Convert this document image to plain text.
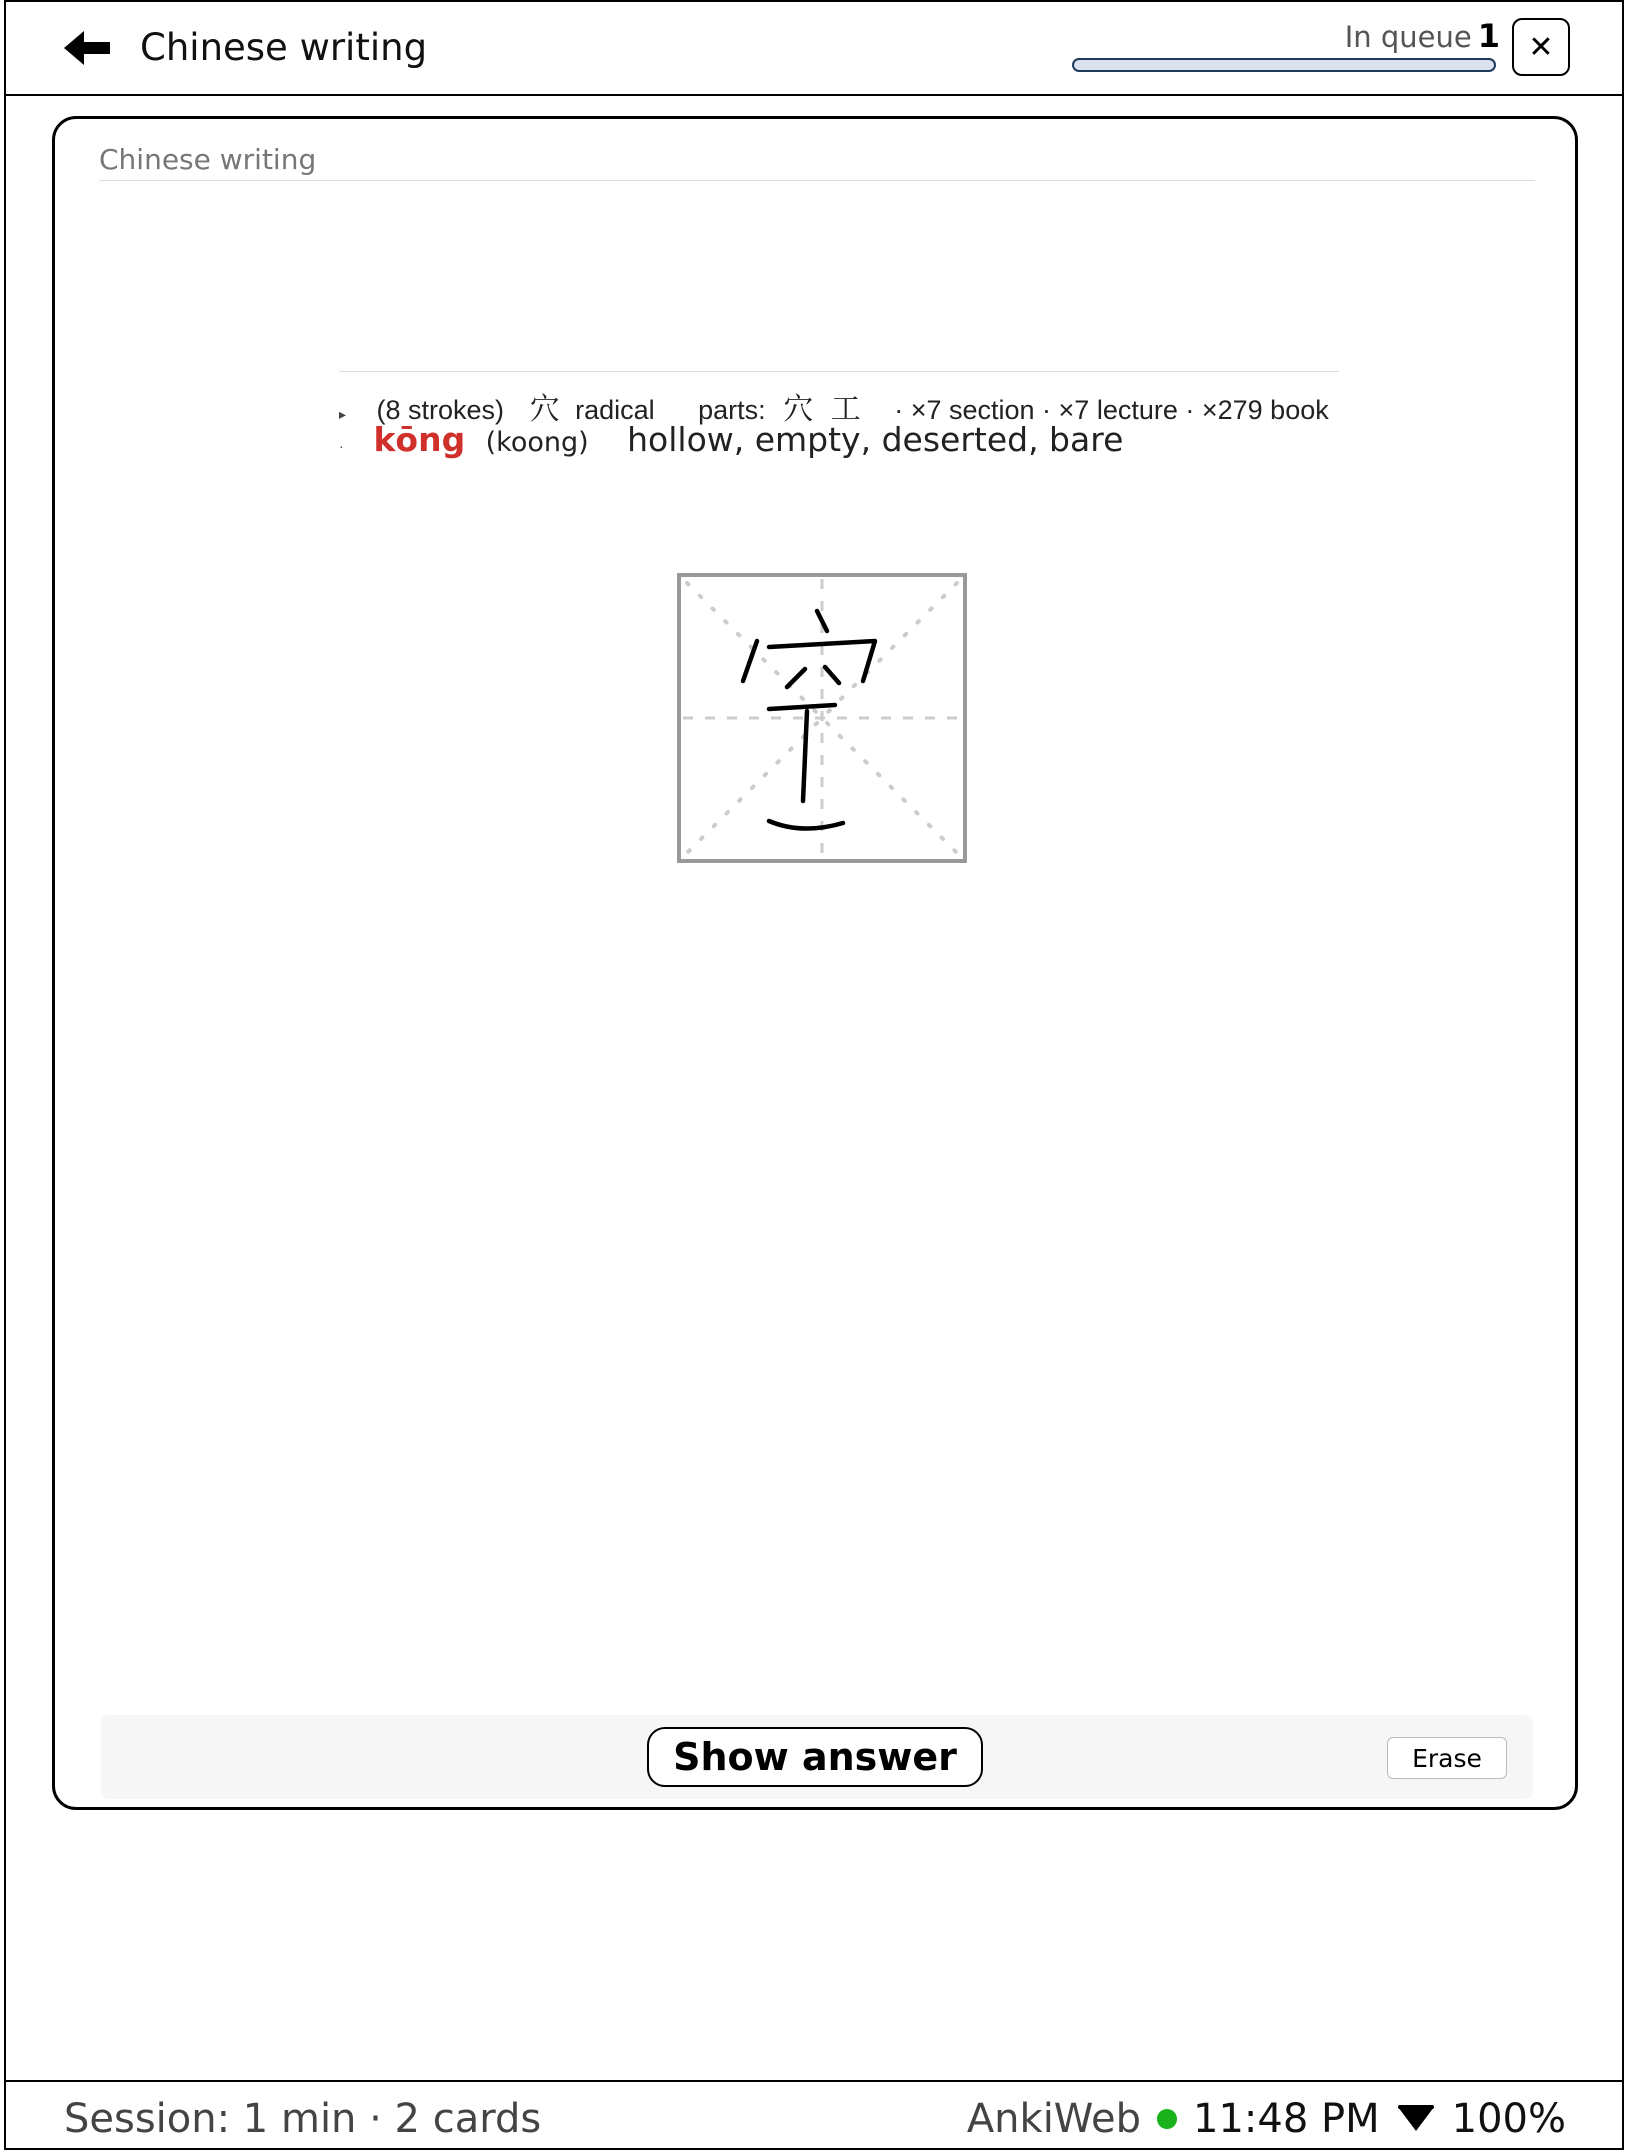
Chinese writing	In queue 1 ✕
Chinese writing
▸ (8 strokes) 穴 radical parts: 穴 工 · ×7 section · ×7 lecture · ×279 book
· kōng (koong) hollow, empty, deserted, bare
Show answer	Erase
Session: 1 min · 2 cards	AnkiWeb 11:48 PM 100%
